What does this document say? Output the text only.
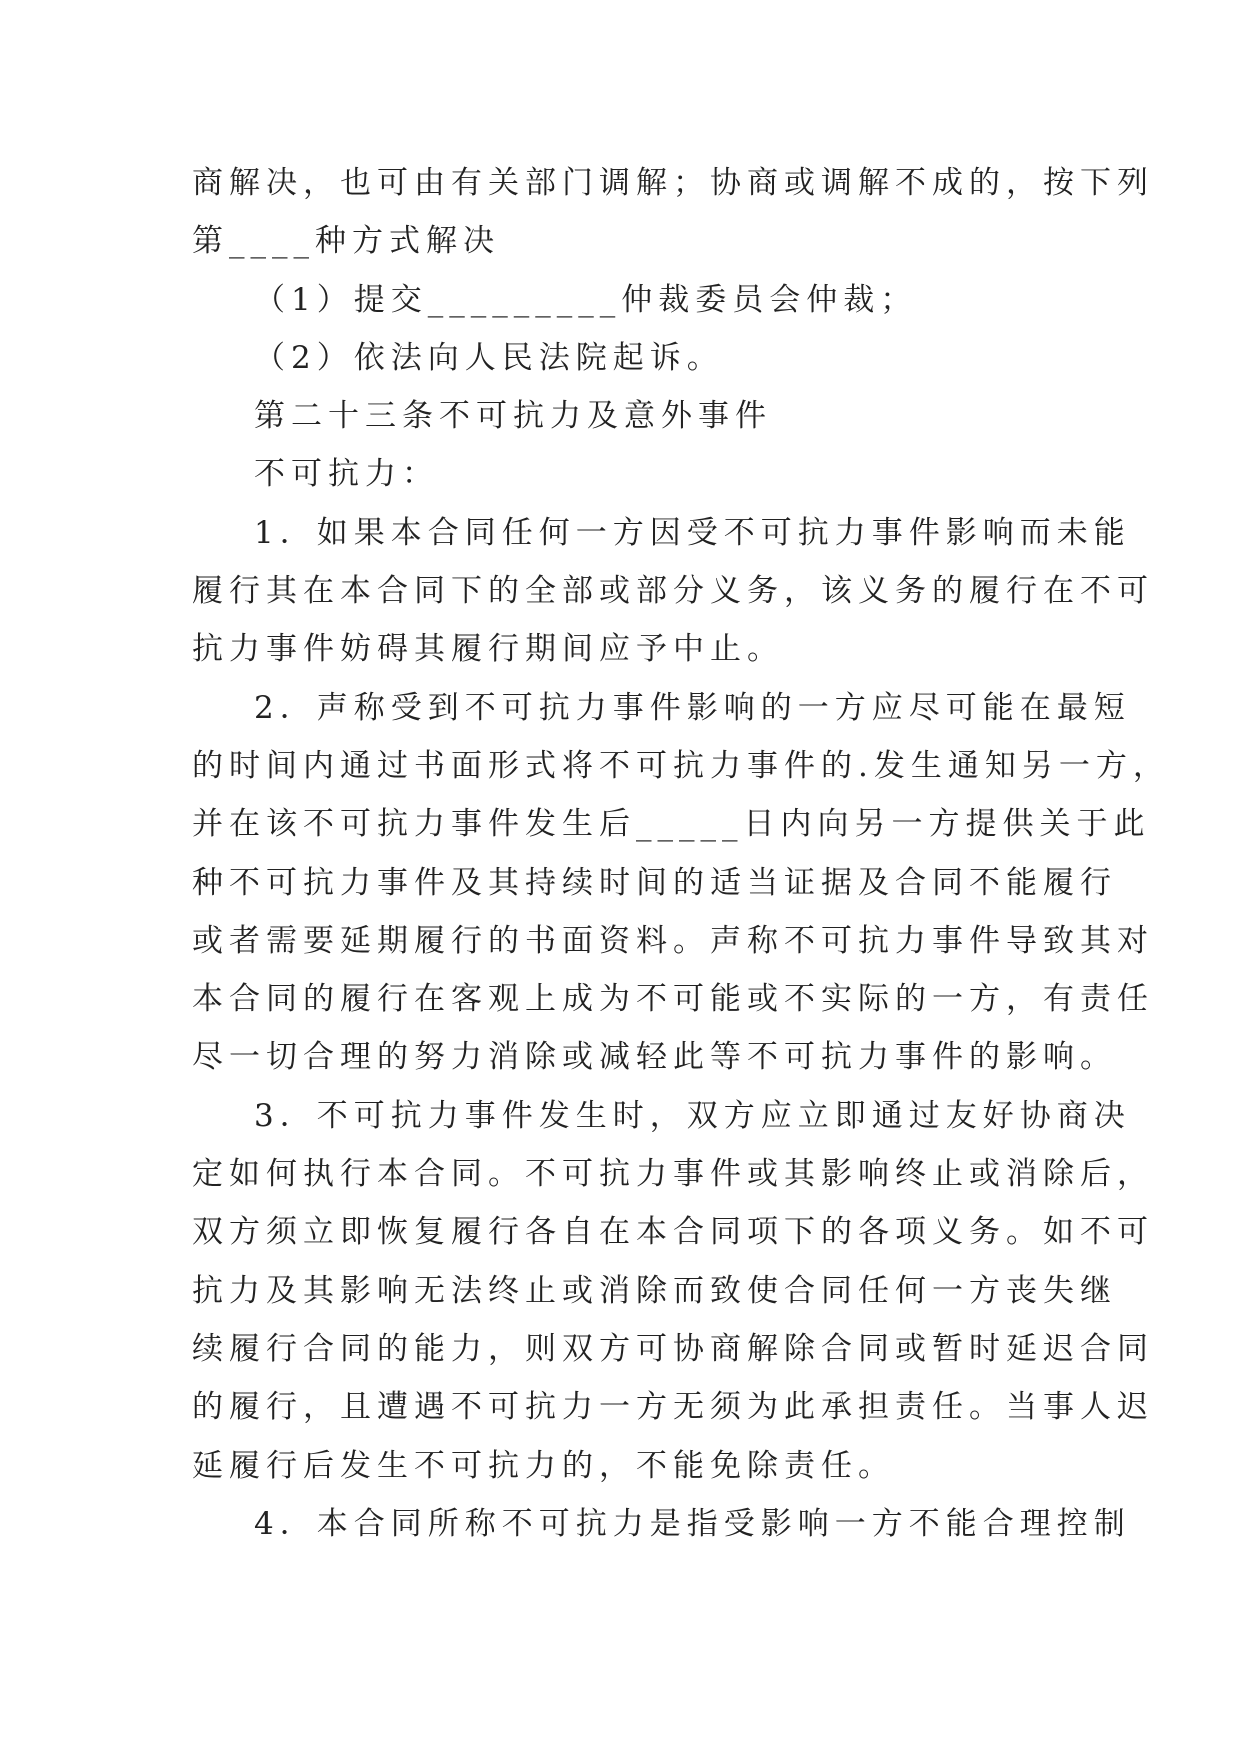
商解决，也可由有关部门调解；协商或调解不成的，按下列
第____种方式解决
（1）提交_________仲裁委员会仲裁；
（2）依法向人民法院起诉。
第二十三条不可抗力及意外事件
不可抗力：
1．如果本合同任何一方因受不可抗力事件影响而未能
履行其在本合同下的全部或部分义务，该义务的履行在不可
抗力事件妨碍其履行期间应予中止。
2．声称受到不可抗力事件影响的一方应尽可能在最短
的时间内通过书面形式将不可抗力事件的.发生通知另一方，
并在该不可抗力事件发生后_____日内向另一方提供关于此
种不可抗力事件及其持续时间的适当证据及合同不能履行
或者需要延期履行的书面资料。声称不可抗力事件导致其对
本合同的履行在客观上成为不可能或不实际的一方，有责任
尽一切合理的努力消除或减轻此等不可抗力事件的影响。
3．不可抗力事件发生时，双方应立即通过友好协商决
定如何执行本合同。不可抗力事件或其影响终止或消除后，
双方须立即恢复履行各自在本合同项下的各项义务。如不可
抗力及其影响无法终止或消除而致使合同任何一方丧失继
续履行合同的能力，则双方可协商解除合同或暂时延迟合同
的履行，且遭遇不可抗力一方无须为此承担责任。当事人迟
延履行后发生不可抗力的，不能免除责任。
4．本合同所称不可抗力是指受影响一方不能合理控制
